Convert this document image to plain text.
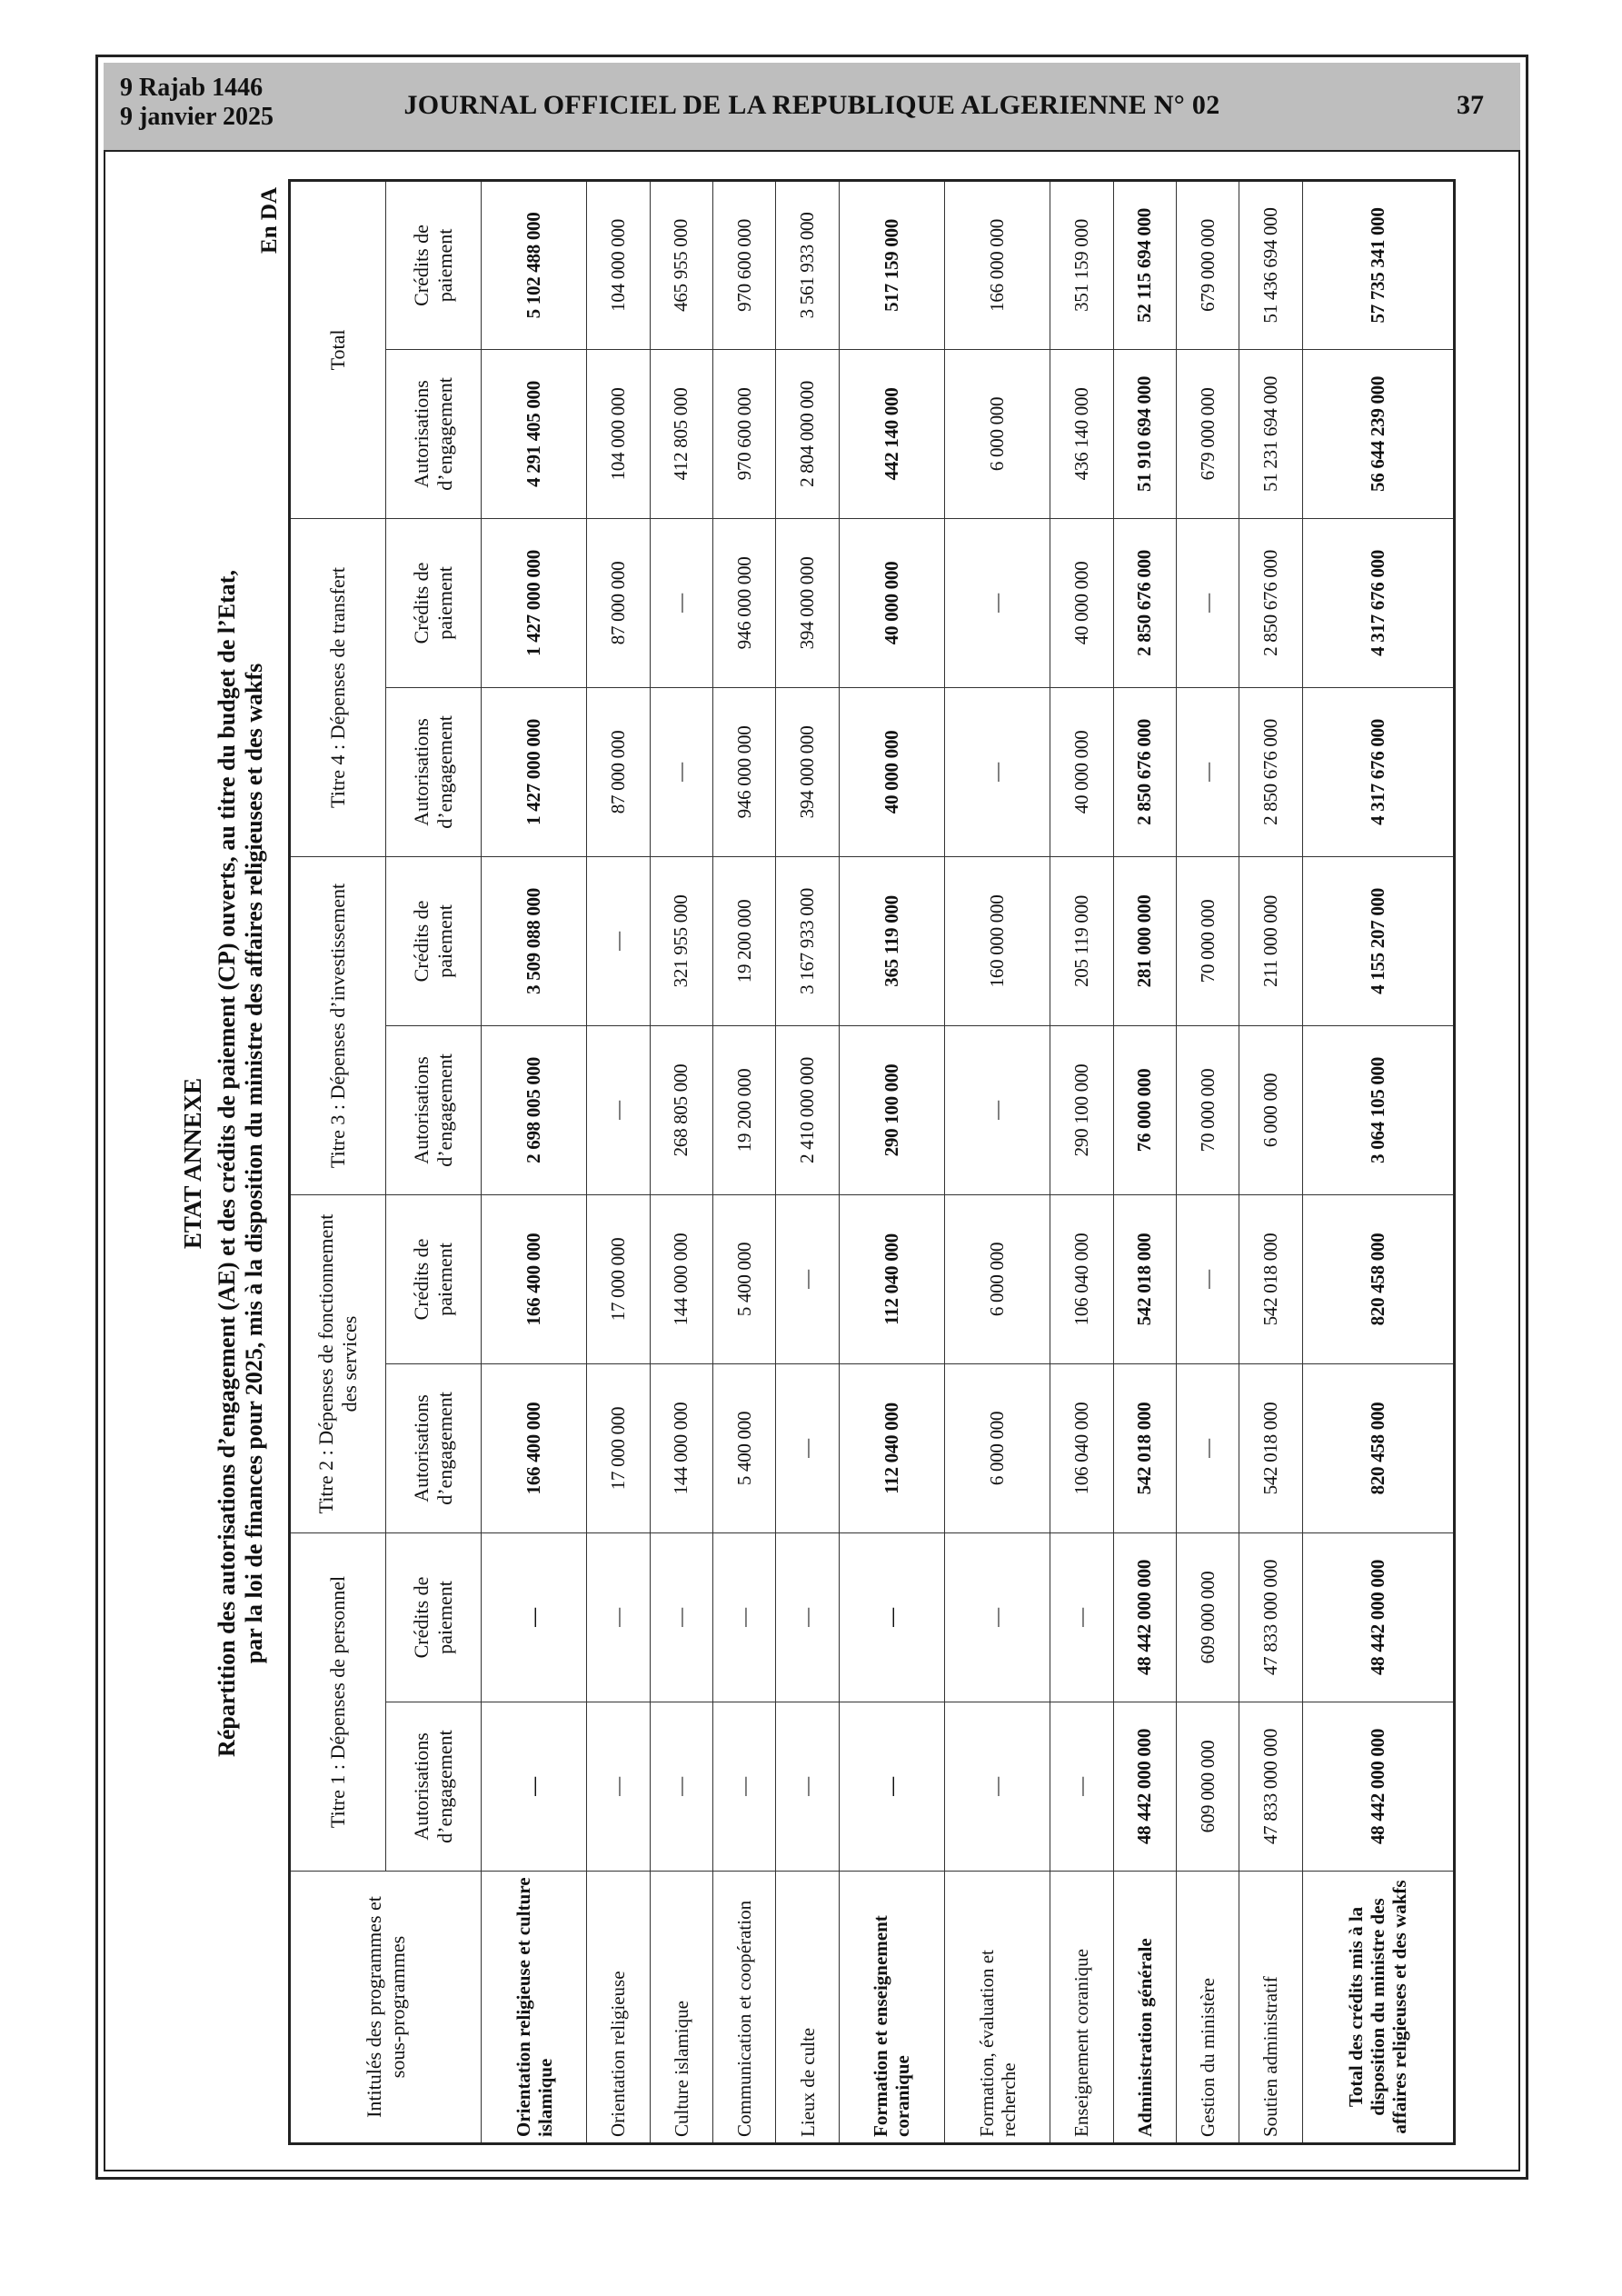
9 Rajab 1446
9 janvier 2025	JOURNAL OFFICIEL DE LA REPUBLIQUE ALGERIENNE N° 02	37
ETAT ANNEXE Répartition des autorisations d’engagement (AE) et des crédits de paiement (CP) ouverts, au titre du budget de l’Etat, par la loi de finances pour 2025, mis à la disposition du ministre des affaires religieuses et des wakfs
En DA
Intitulés des programmes et sous-programmes	Titre 1 : Dépenses de personnel		Titre 2 : Dépenses de fonctionnement des services		Titre 3 : Dépenses d’investissement		Titre 4 : Dépenses de transfert		Total	
	Autorisations d’engagement	Crédits de paiement	Autorisations d’engagement	Crédits de paiement	Autorisations d’engagement	Crédits de paiement	Autorisations d’engagement	Crédits de paiement	Autorisations d’engagement	Crédits de paiement
Orientation religieuse et culture islamique	—	—	166 400 000	166 400 000	2 698 005 000	3 509 088 000	1 427 000 000	1 427 000 000	4 291 405 000	5 102 488 000
Orientation religieuse	—	—	17 000 000	17 000 000	—	—	87 000 000	87 000 000	104 000 000	104 000 000
Culture islamique	—	—	144 000 000	144 000 000	268 805 000	321 955 000	—	—	412 805 000	465 955 000
Communication et coopération	—	—	5 400 000	5 400 000	19 200 000	19 200 000	946 000 000	946 000 000	970 600 000	970 600 000
Lieux de culte	—	—	—	—	2 410 000 000	3 167 933 000	394 000 000	394 000 000	2 804 000 000	3 561 933 000
Formation et enseignement coranique	—	—	112 040 000	112 040 000	290 100 000	365 119 000	40 000 000	40 000 000	442 140 000	517 159 000
Formation, évaluation et recherche	—	—	6 000 000	6 000 000	—	160 000 000	—	—	6 000 000	166 000 000
Enseignement coranique	—	—	106 040 000	106 040 000	290 100 000	205 119 000	40 000 000	40 000 000	436 140 000	351 159 000
Administration générale	48 442 000 000	48 442 000 000	542 018 000	542 018 000	76 000 000	281 000 000	2 850 676 000	2 850 676 000	51 910 694 000	52 115 694 000
Gestion du ministère	609 000 000	609 000 000	—	—	70 000 000	70 000 000	—	—	679 000 000	679 000 000
Soutien administratif	47 833 000 000	47 833 000 000	542 018 000	542 018 000	6 000 000	211 000 000	2 850 676 000	2 850 676 000	51 231 694 000	51 436 694 000
Total des crédits mis à la disposition du ministre des affaires religieuses et des wakfs	48 442 000 000	48 442 000 000	820 458 000	820 458 000	3 064 105 000	4 155 207 000	4 317 676 000	4 317 676 000	56 644 239 000	57 735 341 000
